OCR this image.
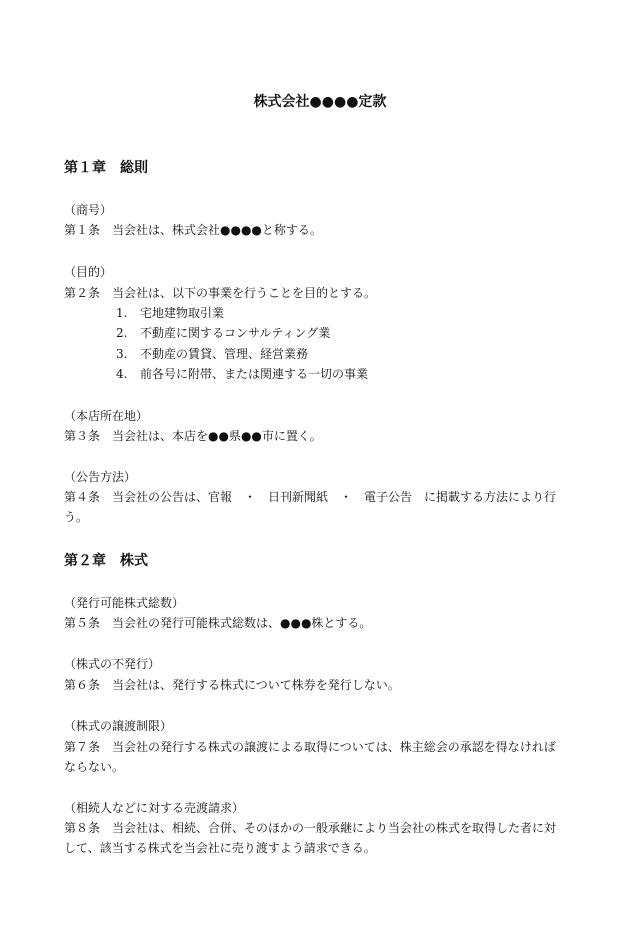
株式会社●●●●定款
第１章　総則
（商号）
第１条　当会社は、株式会社●●●●と称する。
（目的）
第２条　当会社は、以下の事業を行うことを目的とする。
1. 宅地建物取引業
2. 不動産に関するコンサルティング業
3. 不動産の賃貸、管理、経営業務
4. 前各号に附帯、または関連する一切の事業
（本店所在地）
第３条　当会社は、本店を●●県●●市に置く。
（公告方法）
第４条　当会社の公告は、官報　・　日刊新聞紙　・　電子公告　に掲載する方法により行う。
第２章　株式
（発行可能株式総数）
第５条　当会社の発行可能株式総数は、●●●株とする。
（株式の不発行）
第６条　当会社は、発行する株式について株券を発行しない。
（株式の譲渡制限）
第７条　当会社の発行する株式の譲渡による取得については、株主総会の承認を得なければならない。
（相続人などに対する売渡請求）
第８条　当会社は、相続、合併、そのほかの一般承継により当会社の株式を取得した者に対して、該当する株式を当会社に売り渡すよう請求できる。
